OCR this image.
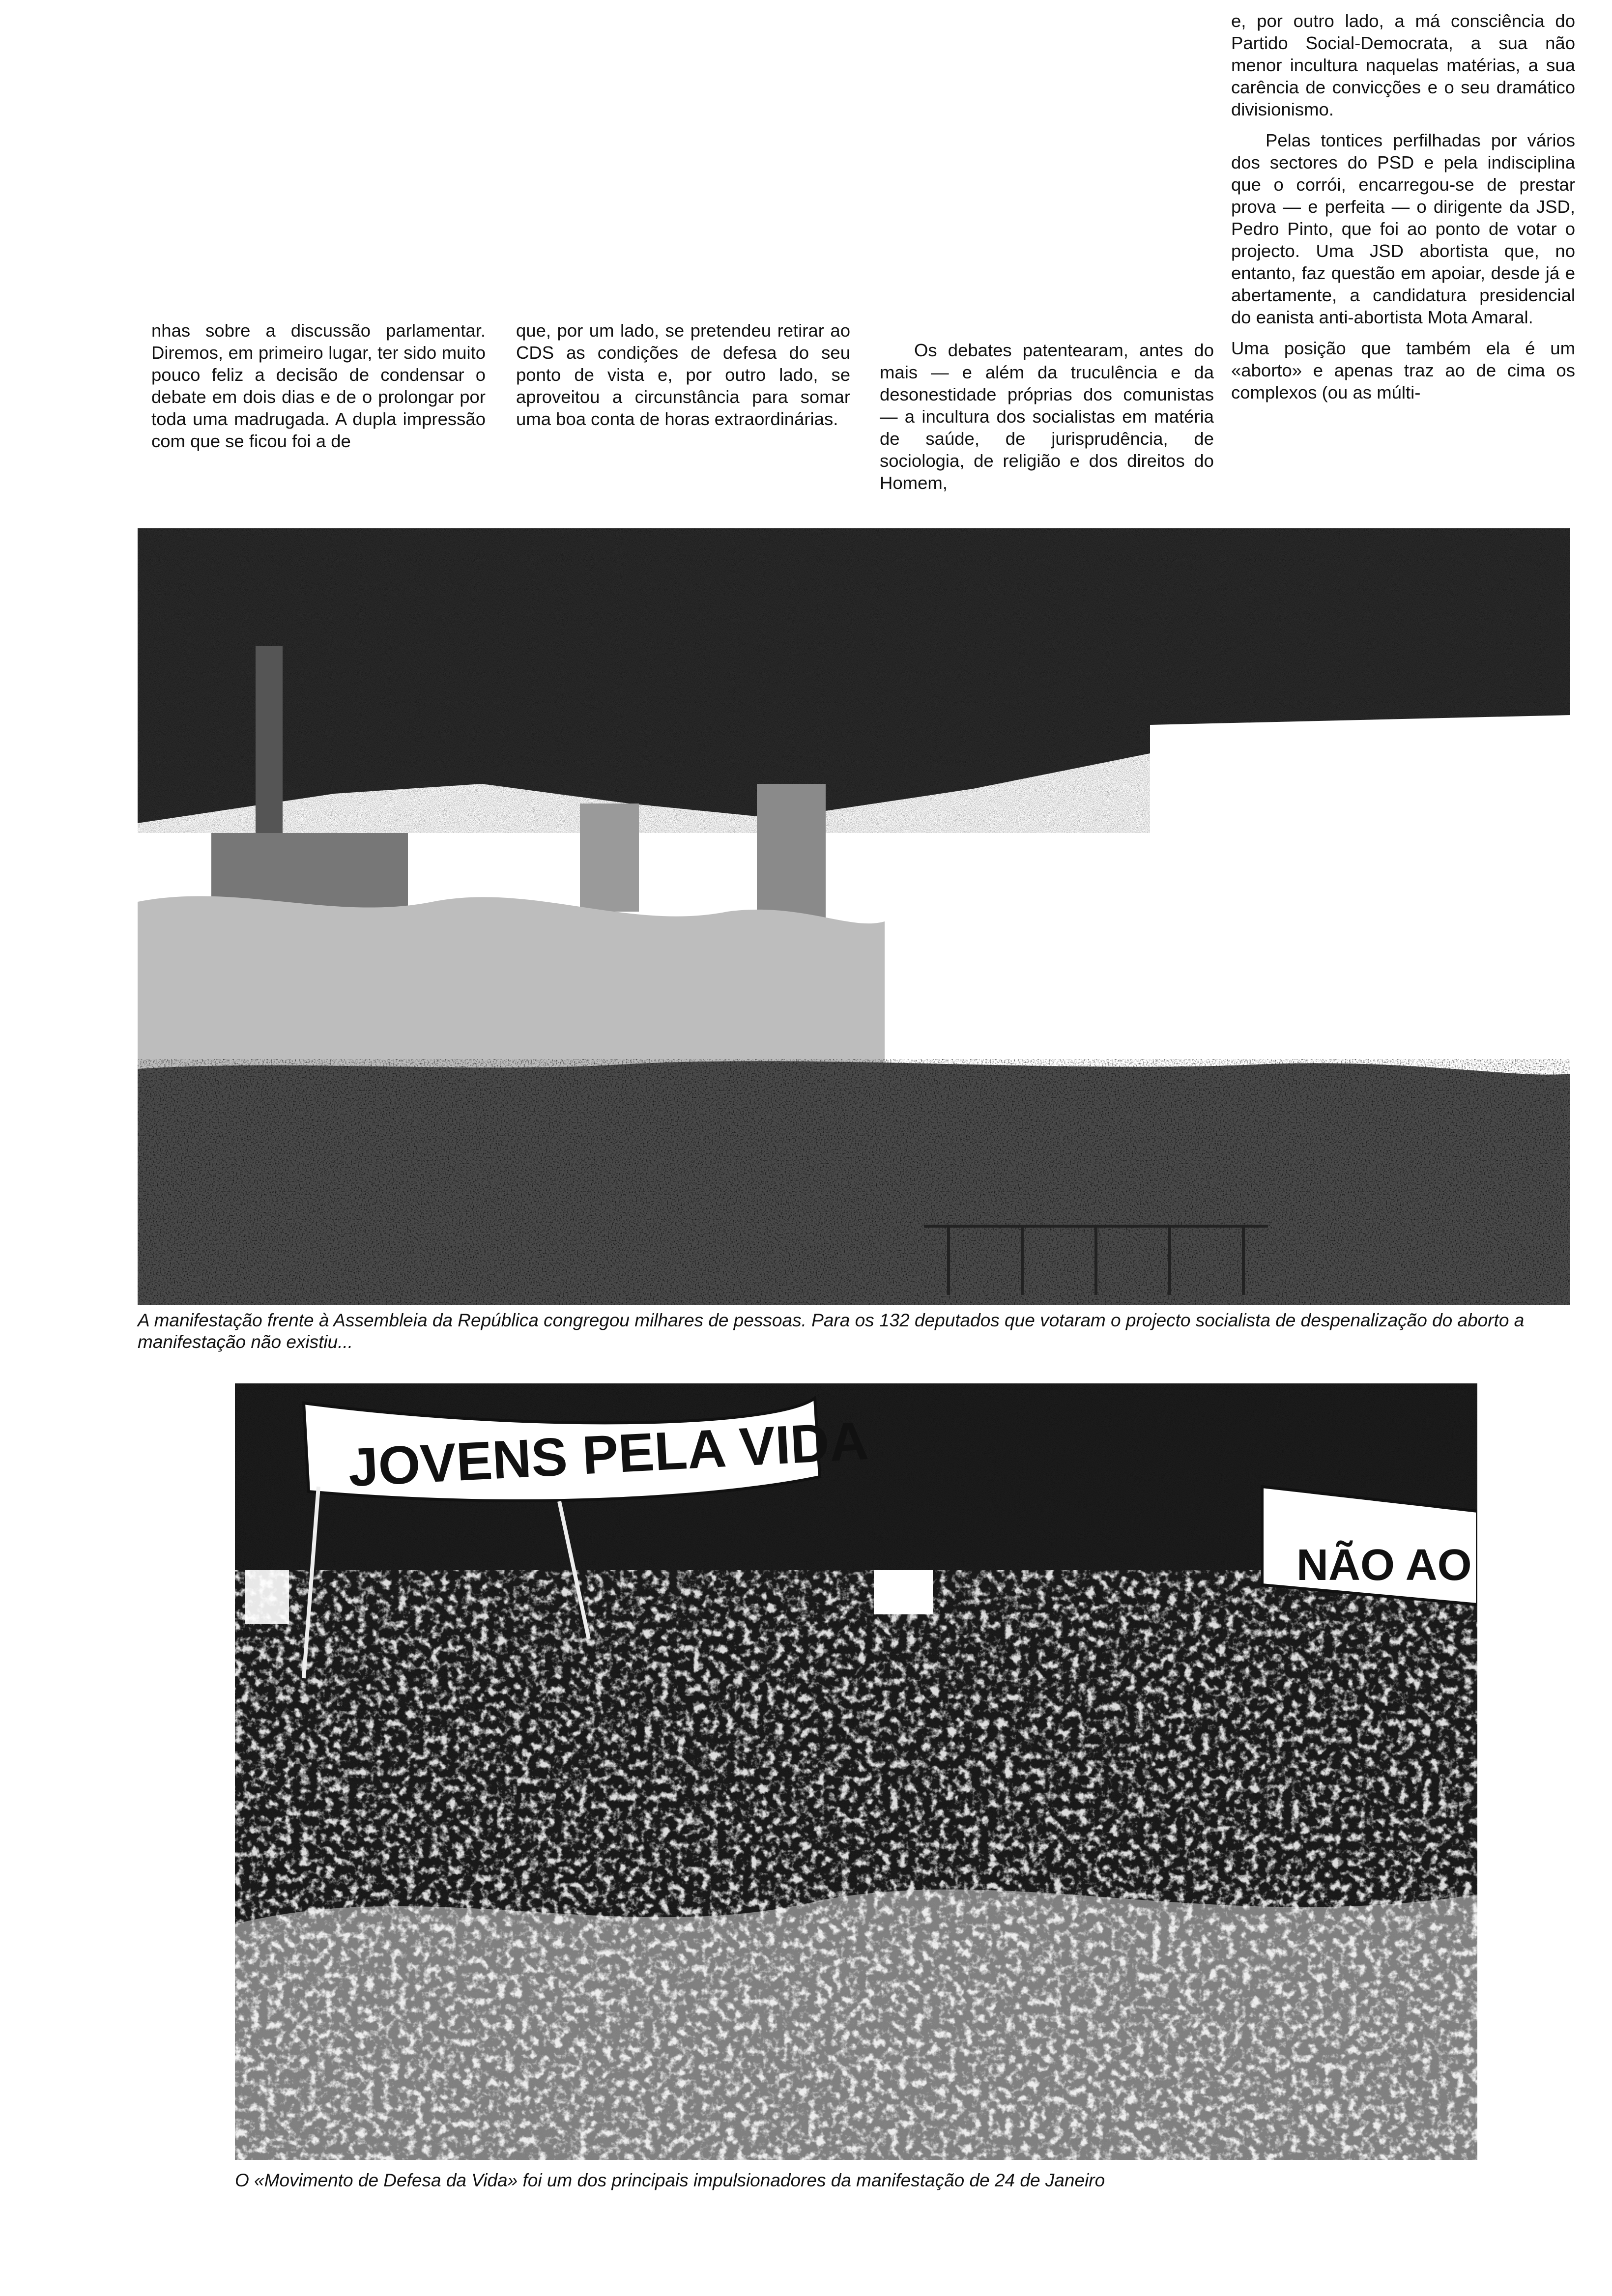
nhas sobre a discussão parlamentar. Diremos, em primeiro lugar, ter sido muito pouco feliz a decisão de condensar o debate em dois dias e de o prolongar por toda uma madrugada. A dupla impressão com que se ficou foi a de

que, por um lado, se pretendeu retirar ao CDS as condições de defesa do seu ponto de vista e, por outro lado, se aproveitou a circunstância para somar uma boa conta de horas extraordinárias.

Os debates patentearam, antes do mais — e além da truculência e da desonestidade próprias dos comunistas — a incultura dos socialistas em matéria de saúde, de jurisprudência, de sociologia, de religião e dos direitos do Homem,

e, por outro lado, a má consciência do Partido Social-Democrata, a sua não menor incultura naquelas matérias, a sua carência de convicções e o seu dramático divisionismo.

Pelas tontices perfilhadas por vários dos sectores do PSD e pela indisciplina que o corrói, encarregou-se de prestar prova — e perfeita — o dirigente da JSD, Pedro Pinto, que foi ao ponto de votar o projecto. Uma JSD abortista que, no entanto, faz questão em apoiar, desde já e abertamente, a candidatura presidencial do eanista anti-abortista Mota Amaral.

Uma posição que também ela é um «aborto» e apenas traz ao de cima os complexos (ou as múlti-

A manifestação frente à Assembleia da República congregou milhares de pessoas. Para os 132 deputados que votaram o projecto socialista de despenalização do aborto a manifestação não existiu...
JOVENS PELA VIDA
NÃO AO
O «Movimento de Defesa da Vida» foi um dos principais impulsionadores da manifestação de 24 de Janeiro
